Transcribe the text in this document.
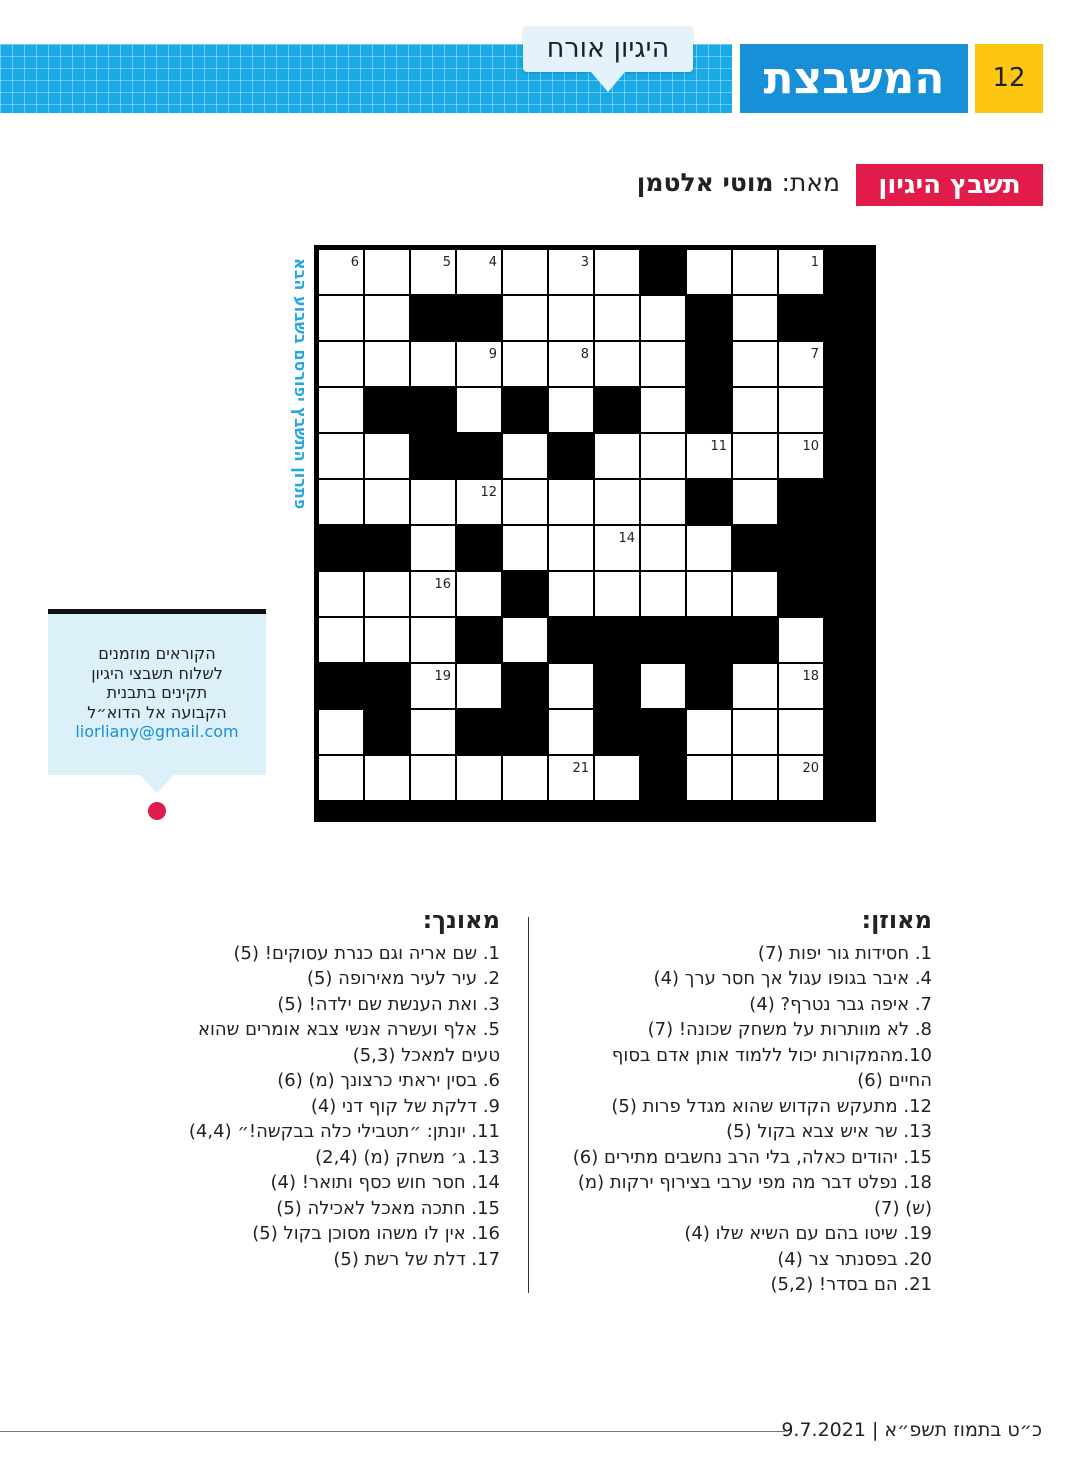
היגיון אורח
המשבצת	12
תשבץ היגיון
מאת: מוטי אלטמן
פתרון התשבץ יפורסם בשבוע הבא	1
3
4
5
6
7
8
9
10
11
12
14
16
18
19
20
21
הקוראים מוזמנים
לשלוח תשבצי היגיון
תקינים בתבנית
הקבועה אל הדוא״ל
liorliany@gmail.com
מאוזן:
1. חסידות גור יפות (7)
4. איבר בגופו עגול אך חסר ערך (4)
7. איפה גבר נטרף? (4)
8. לא מוותרות על משחק שכונה! (7)
10.מהמקורות יכול ללמוד אותן אדם בסוף
החיים (6)
12. מתעקש הקדוש שהוא מגדל פרות (5)
13. שר איש צבא בקול (5)
15. יהודים כאלה, בלי הרב נחשבים מתירים (6)
18. נפלט דבר מה מפי ערבי בצירוף ירקות (מ)
(ש) (7)
19. שיטו בהם עם השיא שלו (4)
20. בפסנתר צר (4)
21. הם בסדר! (5,2)
מאונך:
1. שם אריה וגם כנרת עסוקים! (5)
2. עיר לעיר מאירופה (5)
3. ואת הענשת שם ילדה! (5)
5. אלף ועשרה אנשי צבא אומרים שהוא
טעים למאכל (5,3)
6. בסין יראתי כרצונך (מ) (6)
9. דלקת של קוף דני (4)
11. יונתן: ״תטבילי כלה בבקשה!״ (4,4)
13. ג׳ משחק (מ) (2,4)
14. חסר חוש כסף ותואר! (4)
15. חתכה מאכל לאכילה (5)
16. אין לו משהו מסוכן בקול (5)
17. דלת של רשת (5)
כ״ט בתמוז תשפ״א | 9.7.2021
